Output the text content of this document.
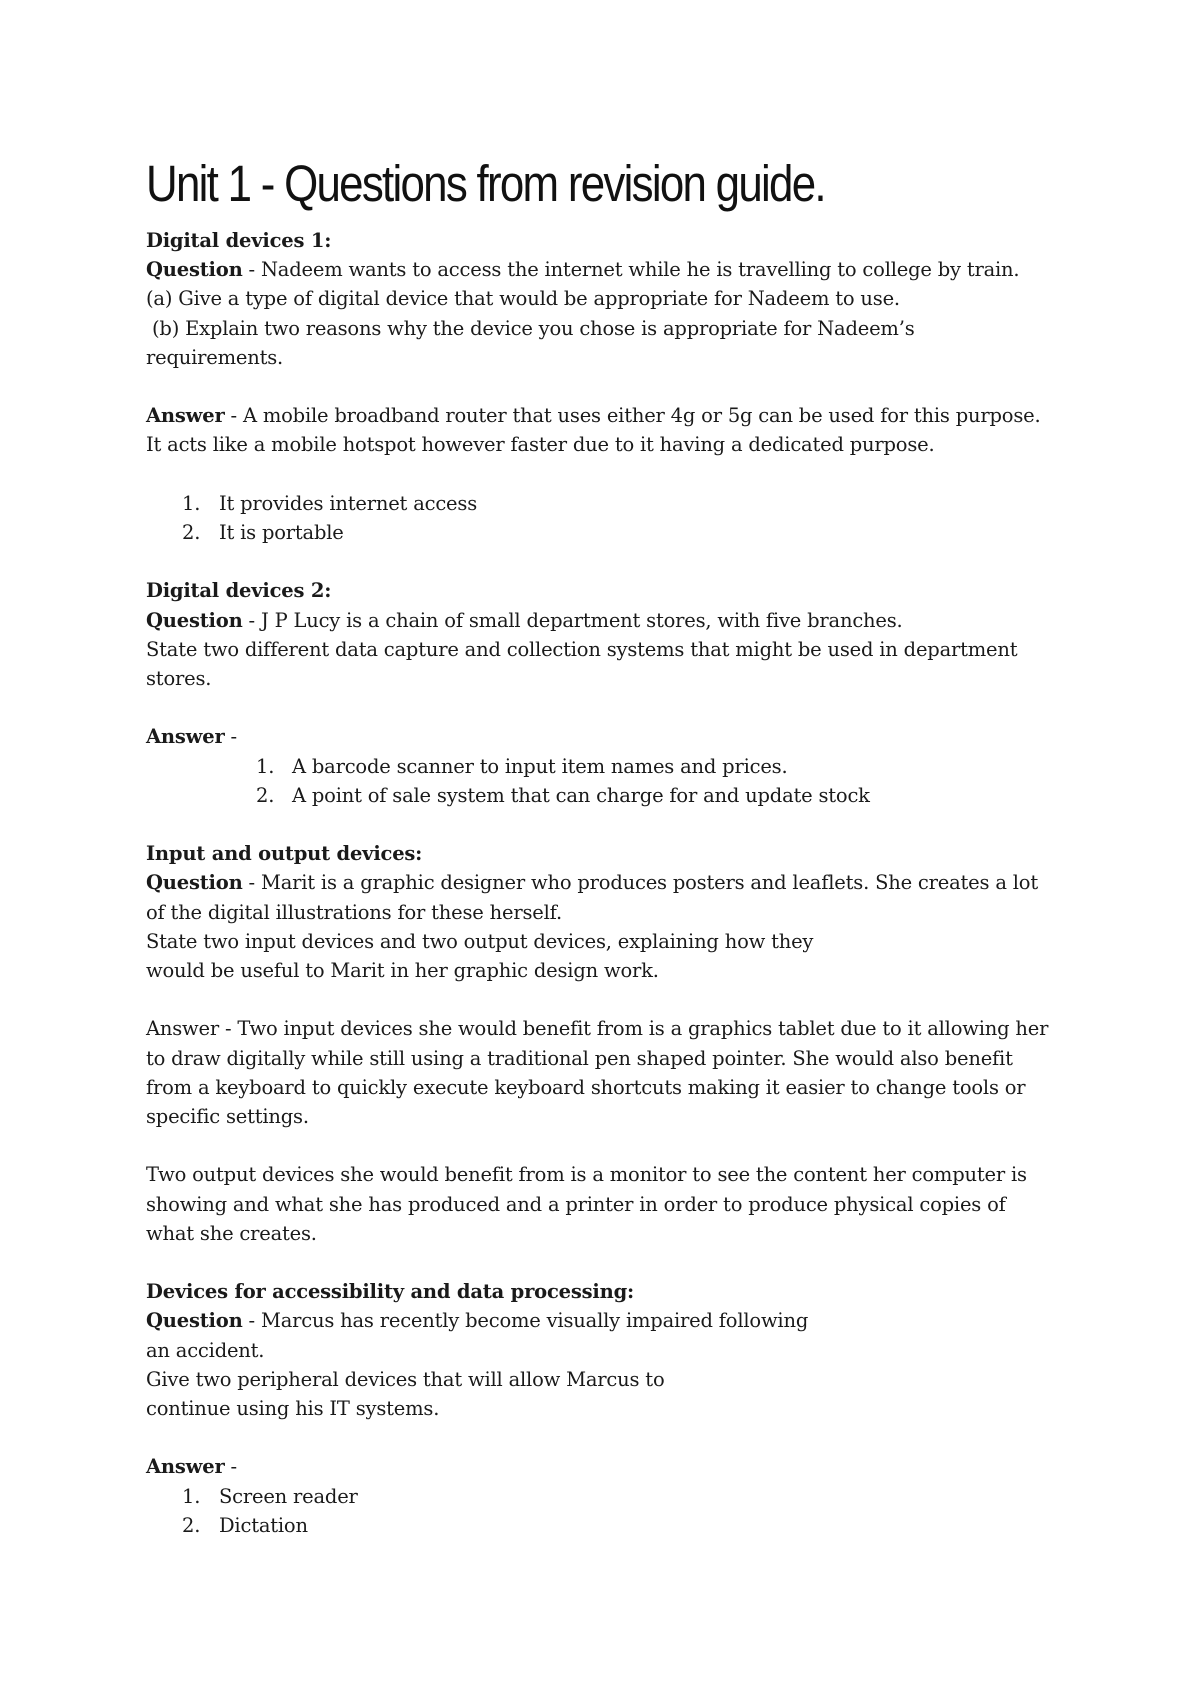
Unit 1 - Questions from revision guide.

Digital devices 1:

Question - Nadeem wants to access the internet while he is travelling to college by train.

(a) Give a type of digital device that would be appropriate for Nadeem to use.

(b) Explain two reasons why the device you chose is appropriate for Nadeem’s

requirements.

Answer - A mobile broadband router that uses either 4g or 5g can be used for this purpose.

It acts like a mobile hotspot however faster due to it having a dedicated purpose.

1. It provides internet access
2. It is portable

Digital devices 2:

Question - J P Lucy is a chain of small department stores, with five branches.

State two different data capture and collection systems that might be used in department

stores.

Answer -

1. A barcode scanner to input item names and prices.
2. A point of sale system that can charge for and update stock

Input and output devices:

Question - Marit is a graphic designer who produces posters and leaflets. She creates a lot

of the digital illustrations for these herself.

State two input devices and two output devices, explaining how they

would be useful to Marit in her graphic design work.

Answer - Two input devices she would benefit from is a graphics tablet due to it allowing her

to draw digitally while still using a traditional pen shaped pointer. She would also benefit

from a keyboard to quickly execute keyboard shortcuts making it easier to change tools or

specific settings.

Two output devices she would benefit from is a monitor to see the content her computer is

showing and what she has produced and a printer in order to produce physical copies of

what she creates.

Devices for accessibility and data processing:

Question - Marcus has recently become visually impaired following

an accident.

Give two peripheral devices that will allow Marcus to

continue using his IT systems.

Answer -

1. Screen reader
2. Dictation
